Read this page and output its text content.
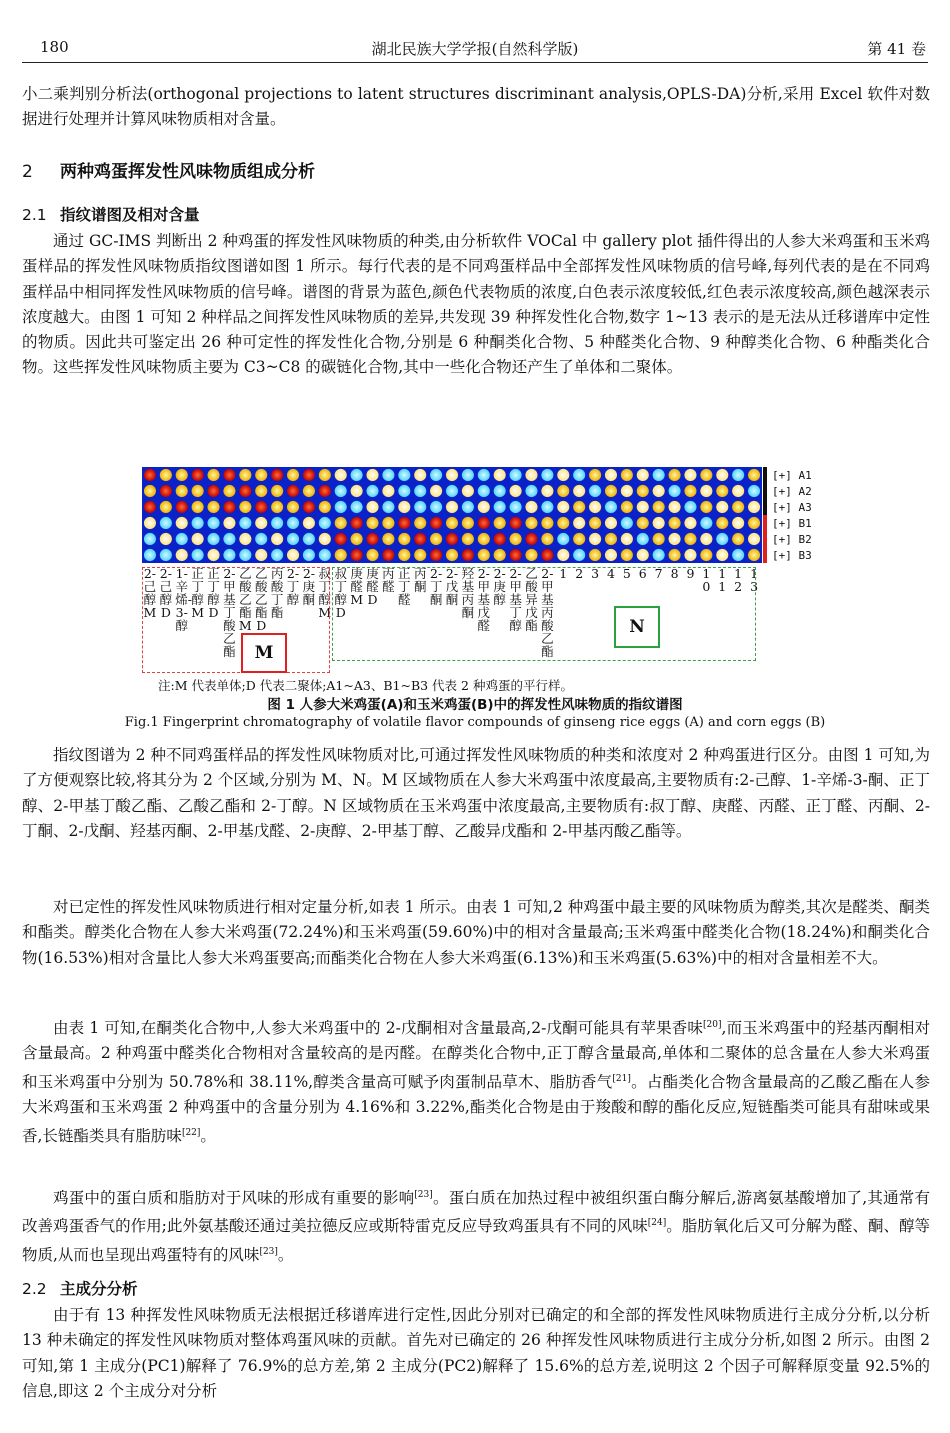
180	湖北民族大学学报(自然科学版)	第 41 卷

小二乘判别分析法(orthogonal projections to latent structures discriminant analysis,OPLS-DA)分析,采用 Excel 软件对数据进行处理并计算风味物质相对含量。

2 两种鸡蛋挥发性风味物质组成分析
2.1 指纹谱图及相对含量

通过 GC-IMS 判断出 2 种鸡蛋的挥发性风味物质的种类,由分析软件 VOCal 中 gallery plot 插件得出的人参大米鸡蛋和玉米鸡蛋样品的挥发性风味物质指纹图谱如图 1 所示。每行代表的是不同鸡蛋样品中全部挥发性风味物质的信号峰,每列代表的是在不同鸡蛋样品中相同挥发性风味物质的信号峰。谱图的背景为蓝色,颜色代表物质的浓度,白色表示浓度较低,红色表示浓度较高,颜色越深表示浓度越大。由图 1 可知 2 种样品之间挥发性风味物质的差异,共发现 39 种挥发性化合物,数字 1~13 表示的是无法从迁移谱库中定性的物质。因此共可鉴定出 26 种可定性的挥发性化合物,分别是 6 种酮类化合物、5 种醛类化合物、9 种醇类化合物、6 种酯类化合物。这些挥发性风味物质主要为 C3~C8 的碳链化合物,其中一些化合物还产生了单体和二聚体。

[+] A1
[+] A2
[+] A3
[+] B1
[+] B2
[+] B3
2-己醇 M
2-己醇 D
1-辛烯-3-醇
正丁醇 M
正丁醇 D
2-甲基丁酸乙酯
乙酸乙酯 M
乙酸乙酯 D
丙酸丁酯
2-丁醇
2-庚酮
叔丁醇 M
叔丁醇 D
庚醛 M
庚醛 D
丙醛
正丁醛
丙酮
2-丁酮
2-戊酮
羟基丙酮
2-甲基戊醛
2-庚醇
2-甲基丁醇
乙酸异戊酯
2-甲基丙酸乙酯
1 2 3 4 5 6 7 8 9 10
11
12
13
M
N
注:M 代表单体;D 代表二聚体;A1~A3、B1~B3 代表 2 种鸡蛋的平行样。
图 1 人参大米鸡蛋(A)和玉米鸡蛋(B)中的挥发性风味物质的指纹谱图
Fig.1 Fingerprint chromatography of volatile flavor compounds of ginseng rice eggs (A) and corn eggs (B)

指纹图谱为 2 种不同鸡蛋样品的挥发性风味物质对比,可通过挥发性风味物质的种类和浓度对 2 种鸡蛋进行区分。由图 1 可知,为了方便观察比较,将其分为 2 个区域,分别为 M、N。M 区域物质在人参大米鸡蛋中浓度最高,主要物质有:2-己醇、1-辛烯-3-酮、正丁醇、2-甲基丁酸乙酯、乙酸乙酯和 2-丁醇。N 区域物质在玉米鸡蛋中浓度最高,主要物质有:叔丁醇、庚醛、丙醛、正丁醛、丙酮、2-丁酮、2-戊酮、羟基丙酮、2-甲基戊醛、2-庚醇、2-甲基丁醇、乙酸异戊酯和 2-甲基丙酸乙酯等。

对已定性的挥发性风味物质进行相对定量分析,如表 1 所示。由表 1 可知,2 种鸡蛋中最主要的风味物质为醇类,其次是醛类、酮类和酯类。醇类化合物在人参大米鸡蛋(72.24%)和玉米鸡蛋(59.60%)中的相对含量最高;玉米鸡蛋中醛类化合物(18.24%)和酮类化合物(16.53%)相对含量比人参大米鸡蛋要高;而酯类化合物在人参大米鸡蛋(6.13%)和玉米鸡蛋(5.63%)中的相对含量相差不大。

由表 1 可知,在酮类化合物中,人参大米鸡蛋中的 2-戊酮相对含量最高,2-戊酮可能具有苹果香味[20],而玉米鸡蛋中的羟基丙酮相对含量最高。2 种鸡蛋中醛类化合物相对含量较高的是丙醛。在醇类化合物中,正丁醇含量最高,单体和二聚体的总含量在人参大米鸡蛋和玉米鸡蛋中分别为 50.78%和 38.11%,醇类含量高可赋予肉蛋制品草木、脂肪香气[21]。占酯类化合物含量最高的乙酸乙酯在人参大米鸡蛋和玉米鸡蛋 2 种鸡蛋中的含量分别为 4.16%和 3.22%,酯类化合物是由于羧酸和醇的酯化反应,短链酯类可能具有甜味或果香,长链酯类具有脂肪味[22]。

鸡蛋中的蛋白质和脂肪对于风味的形成有重要的影响[23]。蛋白质在加热过程中被组织蛋白酶分解后,游离氨基酸增加了,其通常有改善鸡蛋香气的作用;此外氨基酸还通过美拉德反应或斯特雷克反应导致鸡蛋具有不同的风味[24]。脂肪氧化后又可分解为醛、酮、醇等物质,从而也呈现出鸡蛋特有的风味[23]。

2.2 主成分分析

由于有 13 种挥发性风味物质无法根据迁移谱库进行定性,因此分别对已确定的和全部的挥发性风味物质进行主成分分析,以分析 13 种未确定的挥发性风味物质对整体鸡蛋风味的贡献。首先对已确定的 26 种挥发性风味物质进行主成分分析,如图 2 所示。由图 2 可知,第 1 主成分(PC1)解释了 76.9%的总方差,第 2 主成分(PC2)解释了 15.6%的总方差,说明这 2 个因子可解释原变量 92.5%的信息,即这 2 个主成分对分析
